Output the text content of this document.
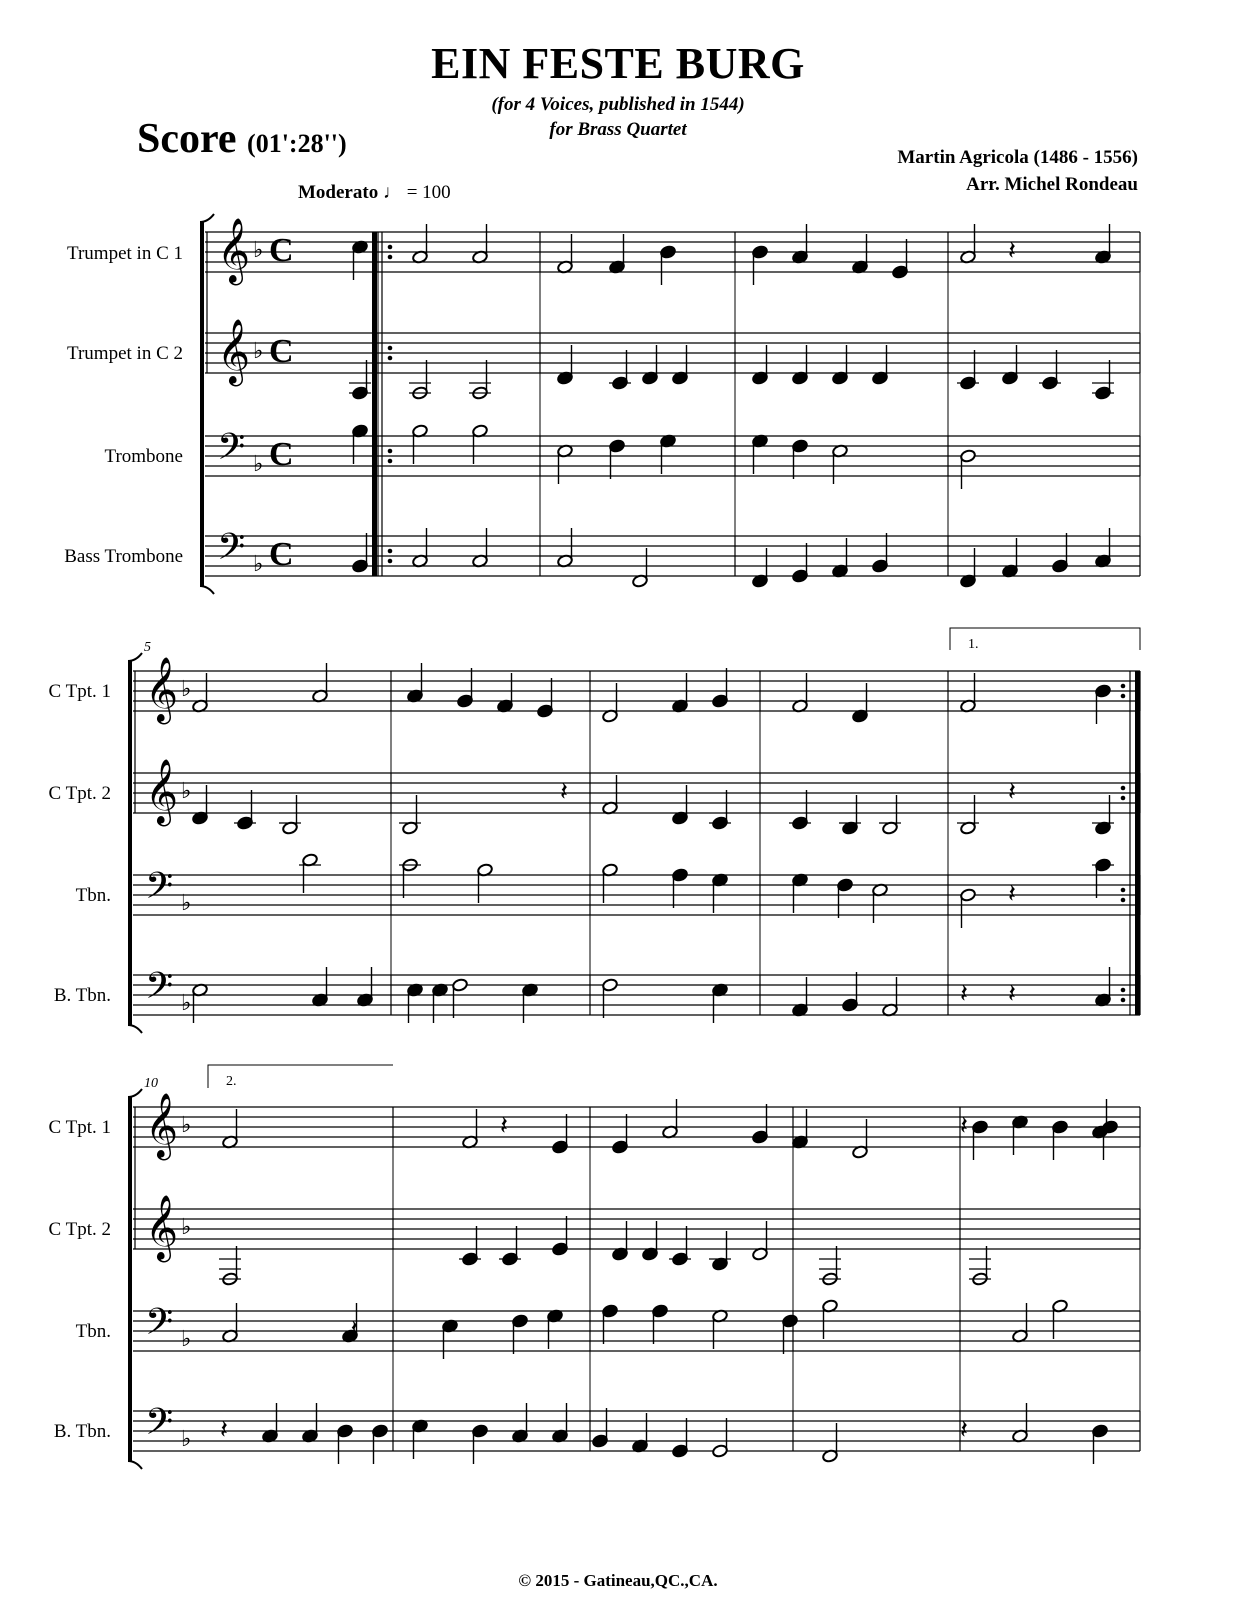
EIN FESTE BURG
(for 4 Voices, published in 1544)
for Brass Quartet
Score (01':28'')	Martin Agricola (1486 - 1556)
Arr. Michel Rondeau
Moderato ♩ = 100
Trumpet in C 1
Trumpet in C 2
Trombone
Bass Trombone
C Tpt. 1
C Tpt. 2
Tbn.
B. Tbn.
C Tpt. 1
C Tpt. 2
Tbn.
B. Tbn.
5
10
1.
2.
𝄞 ♭ C
𝄞 ♭ C
𝄢 ♭ C
𝄢 ♭ C
𝄞 ♭
𝄞 ♭
𝄢 ♭
𝄢 ♭
𝄞 ♭
𝄞 ♭
𝄢 ♭
𝄢 ♭
𝄽
𝄽
𝄽	𝄽
𝄽
𝄽
𝄽	𝄽
𝄽
𝄽	𝄽
© 2015 - Gatineau,QC.,CA.
